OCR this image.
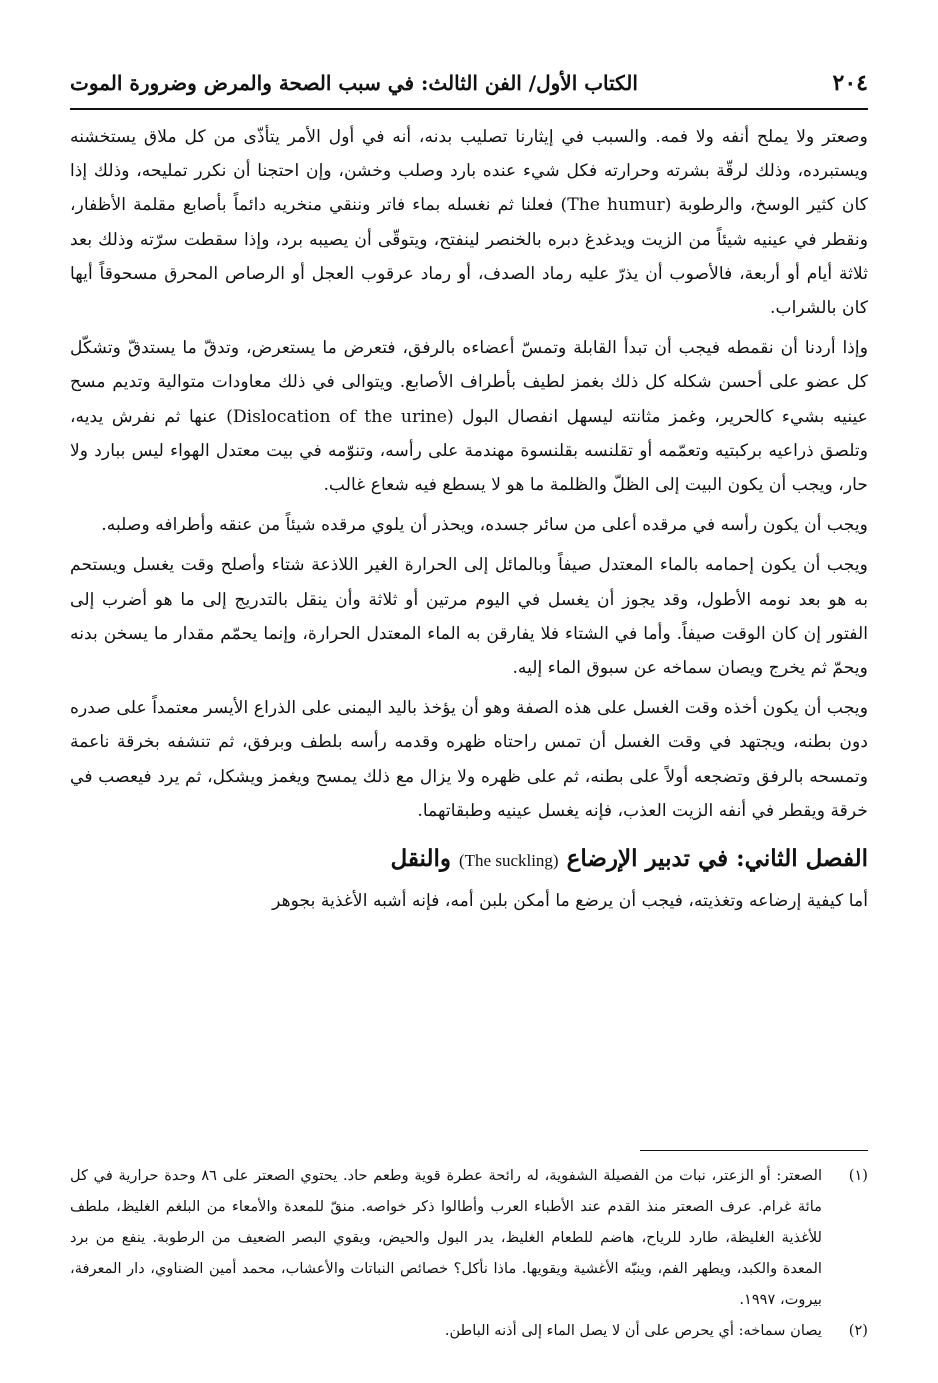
٢٠٤
الكتاب الأول/ الفن الثالث: في سبب الصحة والمرض وضرورة الموت

وصعتر ولا يملح أنفه ولا فمه. والسبب في إيثارنا تصليب بدنه، أنه في أول الأمر يتأذّى من كل ملاق يستخشنه ويستبرده، وذلك لرقّة بشرته وحرارته فكل شيء عنده بارد وصلب وخشن، وإن احتجنا أن نكرر تمليحه، وذلك إذا كان كثير الوسخ، والرطوبة (The humur) فعلنا ثم نغسله بماء فاتر وننقي منخريه دائماً بأصابع مقلمة الأظفار، ونقطر في عينيه شيئاً من الزيت ويدغدغ دبره بالخنصر لينفتح، ويتوقّى أن يصيبه برد، وإذا سقطت سرّته وذلك بعد ثلاثة أيام أو أربعة، فالأصوب أن يذرّ عليه رماد الصدف، أو رماد عرقوب العجل أو الرصاص المحرق مسحوقاً أيها كان بالشراب.

وإذا أردنا أن نقمطه فيجب أن تبدأ القابلة وتمسّ أعضاءه بالرفق، فتعرض ما يستعرض، وتدقّ ما يستدقّ وتشكّل كل عضو على أحسن شكله كل ذلك بغمز لطيف بأطراف الأصابع. ويتوالى في ذلك معاودات متوالية وتديم مسح عينيه بشيء كالحرير، وغمز مثانته ليسهل انفصال البول (Dislocation of the urine) عنها ثم نفرش يديه، وتلصق ذراعيه بركبتيه وتعمّمه أو تقلنسه بقلنسوة مهندمة على رأسه، وتنوّمه في بيت معتدل الهواء ليس ببارد ولا حار، ويجب أن يكون البيت إلى الظلّ والظلمة ما هو لا يسطع فيه شعاع غالب.

ويجب أن يكون رأسه في مرقده أعلى من سائر جسده، ويحذر أن يلوي مرقده شيئاً من عنقه وأطرافه وصلبه.

ويجب أن يكون إحمامه بالماء المعتدل صيفاً وبالمائل إلى الحرارة الغير اللاذعة شتاء وأصلح وقت يغسل ويستحم به هو بعد نومه الأطول، وقد يجوز أن يغسل في اليوم مرتين أو ثلاثة وأن ينقل بالتدريج إلى ما هو أضرب إلى الفتور إن كان الوقت صيفاً. وأما في الشتاء فلا يفارقن به الماء المعتدل الحرارة، وإنما يحمّم مقدار ما يسخن بدنه ويحمّ ثم يخرج ويصان سماخه عن سبوق الماء إليه.

ويجب أن يكون أخذه وقت الغسل على هذه الصفة وهو أن يؤخذ باليد اليمنى على الذراع الأيسر معتمداً على صدره دون بطنه، ويجتهد في وقت الغسل أن تمس راحتاه ظهره وقدمه رأسه بلطف وبرفق، ثم تنشفه بخرقة ناعمة وتمسحه بالرفق وتضجعه أولاً على بطنه، ثم على ظهره ولا يزال مع ذلك يمسح ويغمز ويشكل، ثم يرد فيعصب في خرقة ويقطر في أنفه الزيت العذب، فإنه يغسل عينيه وطبقاتهما.

الفصل الثاني: في تدبير الإرضاع (The suckling) والنقل

أما كيفية إرضاعه وتغذيته، فيجب أن يرضع ما أمكن بلبن أمه، فإنه أشبه الأغذية بجوهر

(١)
الصعتر: أو الزعتر، نبات من الفصيلة الشفوية، له رائحة عطرة قوية وطعم حاد. يحتوي الصعتر على ٨٦ وحدة حرارية في كل مائة غرام. عرف الصعتر منذ القدم عند الأطباء العرب وأطالوا ذكر خواصه. منقّ للمعدة والأمعاء من البلغم الغليظ، ملطف للأغذية الغليظة، طارد للرياح، هاضم للطعام الغليظ، يدر البول والحيض، ويقوي البصر الضعيف من الرطوبة. ينفع من برد المعدة والكبد، ويطهر الفم، وينبّه الأغشية ويقويها. ماذا نأكل؟ خصائص النباتات والأعشاب، محمد أمين الضناوي، دار المعرفة، بيروت، ١٩٩٧.
(٢)
يصان سماخه: أي يحرص على أن لا يصل الماء إلى أذنه الباطن.
